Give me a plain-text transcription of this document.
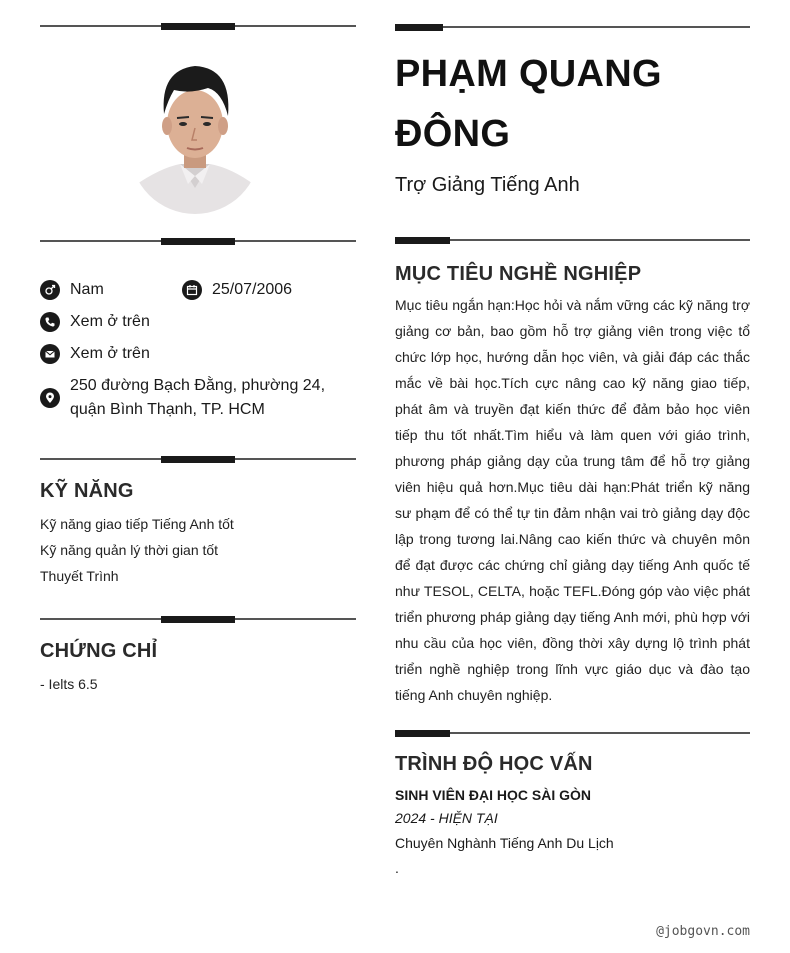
Nam	25/07/2006
Xem ở trên
Xem ở trên
250 đường Bạch Đằng, phường 24, quận Bình Thạnh, TP. HCM
KỸ NĂNG
Kỹ năng giao tiếp Tiếng Anh tốt
Kỹ năng quản lý thời gian tốt
Thuyết Trình
CHỨNG CHỈ
- Ielts 6.5
PHẠM QUANG ĐÔNG
Trợ Giảng Tiếng Anh
MỤC TIÊU NGHỀ NGHIỆP
Mục tiêu ngắn hạn:Học hỏi và nắm vững các kỹ năng trợ giảng cơ bản, bao gồm hỗ trợ giảng viên trong việc tổ chức lớp học, hướng dẫn học viên, và giải đáp các thắc mắc về bài học.Tích cực nâng cao kỹ năng giao tiếp, phát âm và truyền đạt kiến thức để đảm bảo học viên tiếp thu tốt nhất.Tìm hiểu và làm quen với giáo trình, phương pháp giảng dạy của trung tâm để hỗ trợ giảng viên hiệu quả hơn.Mục tiêu dài hạn:Phát triển kỹ năng sư phạm để có thể tự tin đảm nhận vai trò giảng dạy độc lập trong tương lai.Nâng cao kiến thức và chuyên môn để đạt được các chứng chỉ giảng dạy tiếng Anh quốc tế như TESOL, CELTA, hoặc TEFL.Đóng góp vào việc phát triển phương pháp giảng dạy tiếng Anh mới, phù hợp với nhu cầu của học viên, đồng thời xây dựng lộ trình phát triển nghề nghiệp trong lĩnh vực giáo dục và đào tạo tiếng Anh chuyên nghiệp.
TRÌNH ĐỘ HỌC VẤN
SINH VIÊN ĐẠI HỌC SÀI GÒN
2024 - HIỆN TẠI
Chuyên Nghành Tiếng Anh Du Lịch
.
@jobgovn.com
